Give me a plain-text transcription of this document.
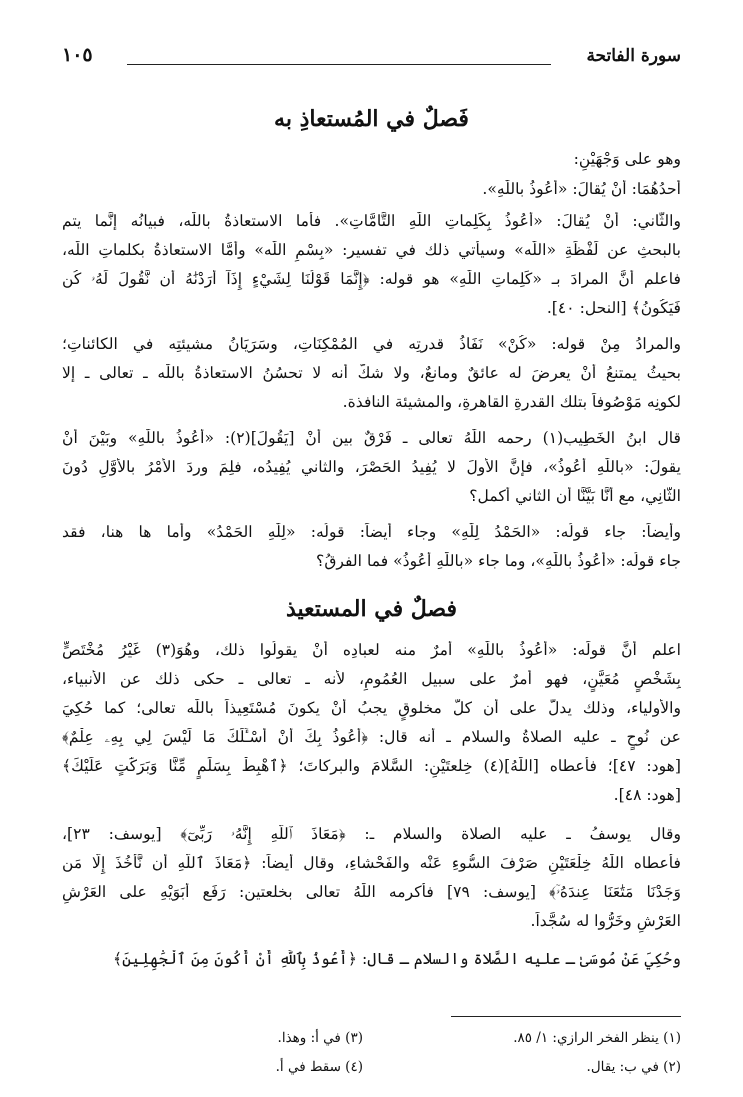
سورة الفاتحة
١٠٥
فَصلٌ في المُستعاذِ به
وهو على وَجْهَيْنِ:
أحدُهُمَا: أَنْ يُقالَ: «أعُوذُ باللّٰهِ».
والثَّاني: أَنْ يُقالَ: «أعُوذُ بِكَلِماتِ اللّٰهِ التَّامَّاتِ». فأما الاستعاذةُ باللّٰه، فبيانُه إنَّما يتم
بالبحثِ عن لَفْظَةِ «اللّٰه» وسيأتي ذلك في تفسير: «بِسْمِ اللّٰه» وأمَّا الاستعاذةُ بكلماتِ اللّٰه،
فاعلم أنَّ المرادَ بـ «كَلِماتِ اللّٰهِ» هو قوله: ﴿إِنَّمَا قَوْلُنَا لِشَيْءٍ إِذَآ أَرَدْنَٰهُ أَن نَّقُولَ لَهُۥ كُن
فَيَكُونُ﴾ [النحل: ٤٠].
والمرادُ مِنْ قوله: «كُنْ» نَفَاذُ قدرتِه في المُمْكِنَاتِ، وسَرَيَانُ مشيئتِه في الكائناتِ؛
بحيثُ يمتنعُ أَنْ يعرضَ له عائقٌ ومانعٌ، ولا شكَّ أنه لا تحسُنُ الاستعاذةُ باللّٰه ـ تعالى ـ إلا
لكونِه مَوْصُوفاً بتلك القدرةِ القاهرةِ، والمشيئة النافذة.
قال ابنُ الخَطِيب(١) رحمه اللّٰهُ تعالى ـ فَرْقٌ بين أَنْ [يَقُولَ](٢): «أعُوذُ باللّٰهِ» وبَيْنَ أَنْ
يقولَ: «باللّٰهِ أعُوذُ»، فإنَّ الأولَ لا يُفِيدُ الحَصْرَ، والثاني يُفِيدُه، فلِمَ وردَ الأَمْرُ بالأَوَّلِ دُونَ
الثَّانِي، مع أنَّا بَيَّنَّا أن الثاني أكمل؟
وأيضاً: جاء قولُه: «الحَمْدُ لِلّٰهِ» وجاء أيضاً: قولُه: «لِلّٰهِ الحَمْدُ» وأما ها هنا، فقد
جاء قولُه: «أعُوذُ باللّٰهِ»، وما جاء «باللّٰهِ أعُوذُ» فما الفرقُ؟
فصلٌ في المستعيذ
اعلم أنَّ قولَه: «أعُوذُ باللّٰهِ» أمرٌ منه لعبادِه أَنْ يقولُوا ذلك، وهُوَ(٣) غَيْرُ مُخْتَصٍّ
بِشَخْصٍ مُعَيَّنٍ، فهو أمرٌ على سبيل العُمُومِ، لأنه ـ تعالى ـ حكى ذلك عن الأنبياء،
والأولياء، وذلك يدلُّ على أن كلَّ مخلوقٍ يجبُ أَنْ يكونَ مُسْتَعِيذاً باللّٰه تعالى؛ كما حُكِيَ
عن نُوحٍ ـ عليه الصلاةُ والسلام ـ أنه قال: ﴿أَعُوذُ بِكَ أَنْ أَسْـَٔلَكَ مَا لَيْسَ لِي بِهِۦ عِلْمٌ﴾
[هود: ٤٧]؛ فأعطاه [اللّٰهُ](٤) خِلعتَيْنِ: السَّلامَ والبركاتَ؛ ﴿ٱهْبِطْ بِسَلَٰمٍ مِّنَّا وَبَرَكَٰتٍ عَلَيْكَ﴾
[هود: ٤٨].
وقال يوسفُ ـ عليه الصلاة والسلام ـ: ﴿مَعَاذَ ٱللَّهِ إِنَّهُۥ رَبِّىٓ﴾ [يوسف: ٢٣]،
فأعطاه اللّٰهُ خِلْعَتَيْنِ صَرْفَ السُّوءِ عَنْه والفَحْشاءِ، وقال أيضاً: ﴿مَعَاذَ ٱللَّهِ أَن نَّأْخُذَ إِلَّا مَن
وَجَدْنَا مَتَٰعَنَا عِندَهُۥٓ﴾ [يوسف: ٧٩] فأكرمه اللّٰهُ تعالى بخلعتين: رَفَع أبَوَيْهِ على العَرْشِ
العَرْشِ وخَرُّوا له سُجَّداً.
وحُكِيَ عَنْ مُوسَىٰ ـ عليه الصَّلاة والسلام ـ قال: ﴿أَعُوذُ بِٱللَّهِ أَنْ أَكُونَ مِنَ ٱلْجَٰهِلِينَ﴾
(١) ينظر الفخر الرازي: ١/ ٨٥.
(٣) في أ: وهذا.
(٢) في ب: يقال.
(٤) سقط في أ.
